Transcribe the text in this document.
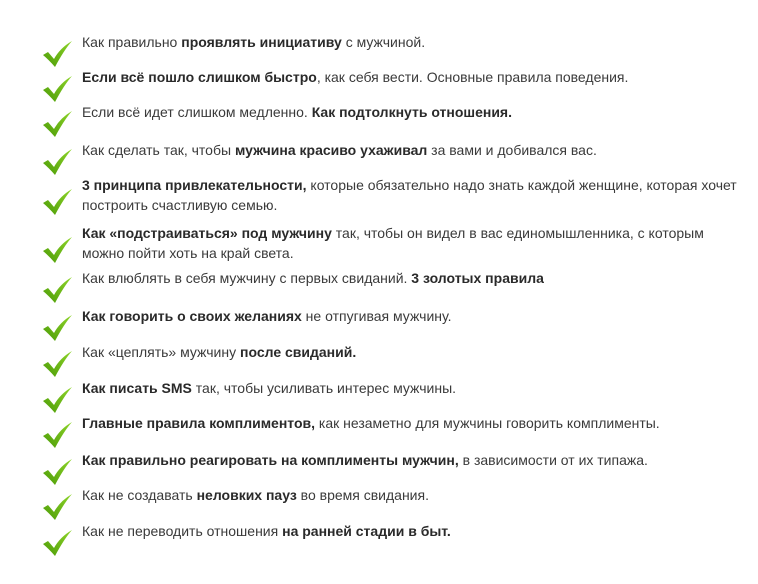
Как правильно проявлять инициативу с мужчиной.
Если всё пошло слишком быстро, как себя вести. Основные правила поведения.
Если всё идет слишком медленно. Как подтолкнуть отношения.
Как сделать так, чтобы мужчина красиво ухаживал за вами и добивался вас.
3 принципа привлекательности, которые обязательно надо знать каждой женщине, которая хочет построить счастливую семью.
Как «подстраиваться» под мужчину так, чтобы он видел в вас единомышленника, с которым можно пойти хоть на край света.
Как влюблять в себя мужчину с первых свиданий. 3 золотых правила
Как говорить о своих желаниях не отпугивая мужчину.
Как «цеплять» мужчину после свиданий.
Как писать SMS так, чтобы усиливать интерес мужчины.
Главные правила комплиментов, как незаметно для мужчины говорить комплименты.
Как правильно реагировать на комплименты мужчин, в зависимости от их типажа.
Как не создавать неловких пауз во время свидания.
Как не переводить отношения на ранней стадии в быт.
